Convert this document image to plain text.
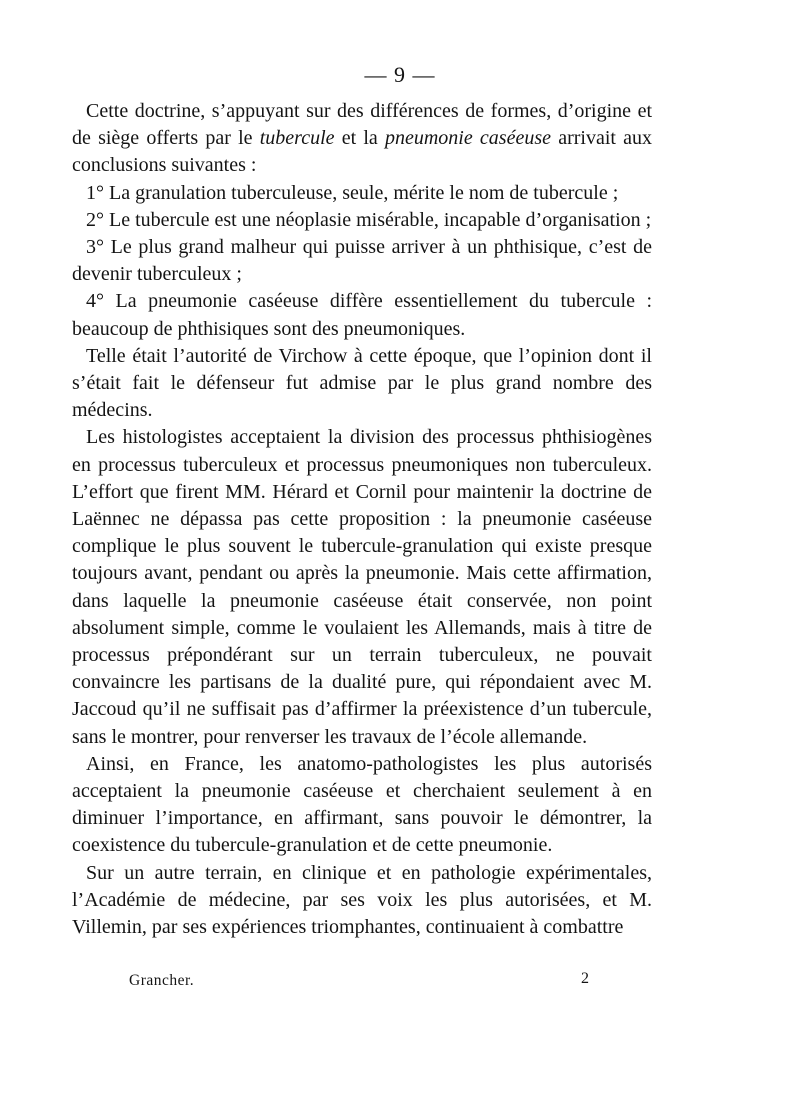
— 9 —

Cette doctrine, s’appuyant sur des différences de formes, d’origine et de siège offerts par le tubercule et la pneumonie caséeuse arrivait aux conclusions suivantes :

1° La granulation tuberculeuse, seule, mérite le nom de tubercule ;

2° Le tubercule est une néoplasie misérable, incapable d’organisation ;

3° Le plus grand malheur qui puisse arriver à un phthisique, c’est de devenir tuberculeux ;

4° La pneumonie caséeuse diffère essentiellement du tubercule : beaucoup de phthisiques sont des pneumoniques.

Telle était l’autorité de Virchow à cette époque, que l’opinion dont il s’était fait le défenseur fut admise par le plus grand nombre des médecins.

Les histologistes acceptaient la division des processus phthisiogènes en processus tuberculeux et processus pneumoniques non tuberculeux. L’effort que firent MM. Hérard et Cornil pour maintenir la doctrine de Laënnec ne dépassa pas cette proposition : la pneumonie caséeuse complique le plus souvent le tubercule-granulation qui existe presque toujours avant, pendant ou après la pneumonie. Mais cette affirmation, dans laquelle la pneumonie caséeuse était conservée, non point absolument simple, comme le voulaient les Allemands, mais à titre de processus prépondérant sur un terrain tuberculeux, ne pouvait convaincre les partisans de la dualité pure, qui répondaient avec M. Jaccoud qu’il ne suffisait pas d’affirmer la préexistence d’un tubercule, sans le montrer, pour renverser les travaux de l’école allemande.

Ainsi, en France, les anatomo-pathologistes les plus autorisés acceptaient la pneumonie caséeuse et cherchaient seulement à en diminuer l’importance, en affirmant, sans pouvoir le démontrer, la coexistence du tubercule-granulation et de cette pneumonie.

Sur un autre terrain, en clinique et en pathologie expérimentales, l’Académie de médecine, par ses voix les plus autorisées, et M. Villemin, par ses expériences triomphantes, continuaient à combattre

Grancher.	2
